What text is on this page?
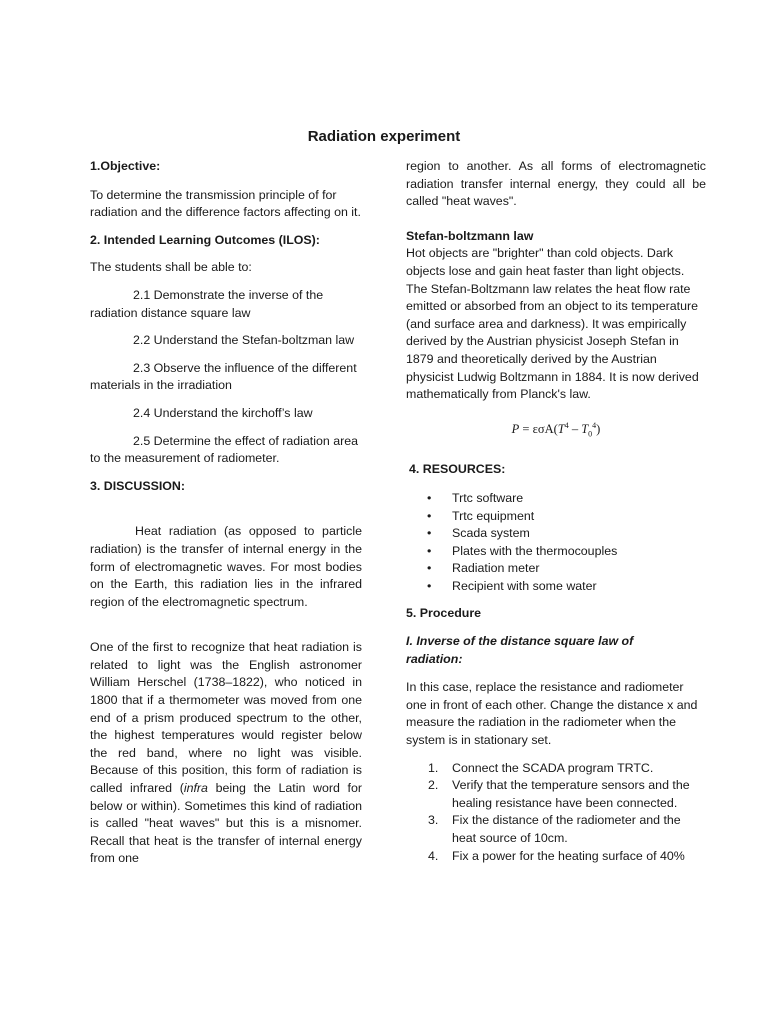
Radiation experiment

1.Objective:

To determine the transmission principle of for radiation and the difference factors affecting on it.

2. Intended Learning Outcomes (ILOS):

The students shall be able to:

2.1 Demonstrate the inverse of the radiation distance square law

2.2 Understand the Stefan-boltzman law

2.3 Observe the influence of the different materials in the irradiation

2.4 Understand the kirchoff’s law

2.5 Determine the effect of radiation area to the measurement of radiometer.

3. DISCUSSION:

Heat radiation (as opposed to particle radiation) is the transfer of internal energy in the form of electromagnetic waves. For most bodies on the Earth, this radiation lies in the infrared region of the electromagnetic spectrum.

One of the first to recognize that heat radiation is related to light was the English astronomer William Herschel (1738–1822), who noticed in 1800 that if a thermometer was moved from one end of a prism produced spectrum to the other, the highest temperatures would register below the red band, where no light was visible. Because of this position, this form of radiation is called infrared (infra being the Latin word for below or within). Sometimes this kind of radiation is called "heat waves" but this is a misnomer. Recall that heat is the transfer of internal energy from one

region to another. As all forms of electromagnetic radiation transfer internal energy, they could all be called "heat waves".

Stefan-boltzmann law

Hot objects are "brighter" than cold objects. Dark objects lose and gain heat faster than light objects. The Stefan-Boltzmann law relates the heat flow rate emitted or absorbed from an object to its temperature (and surface area and darkness). It was empirically derived by the Austrian physicist Joseph Stefan in 1879 and theoretically derived by the Austrian physicist Ludwig Boltzmann in 1884. It is now derived mathematically from Planck's law.

$P = \varepsilon\sigma A(T^4 - T_0^4)$

4. RESOURCES:

• Trtc software
• Trtc equipment
• Scada system
• Plates with the thermocouples
• Radiation meter
• Recipient with some water

5. Procedure

I. Inverse of the distance square law of radiation:

In this case, replace the resistance and radiometer one in front of each other. Change the distance x and measure the radiation in the radiometer when the system is in stationary set.

1. Connect the SCADA program TRTC.
2. Verify that the temperature sensors and the healing resistance have been connected.
3. Fix the distance of the radiometer and the heat source of 10cm.
4. Fix a power for the heating surface of 40%
